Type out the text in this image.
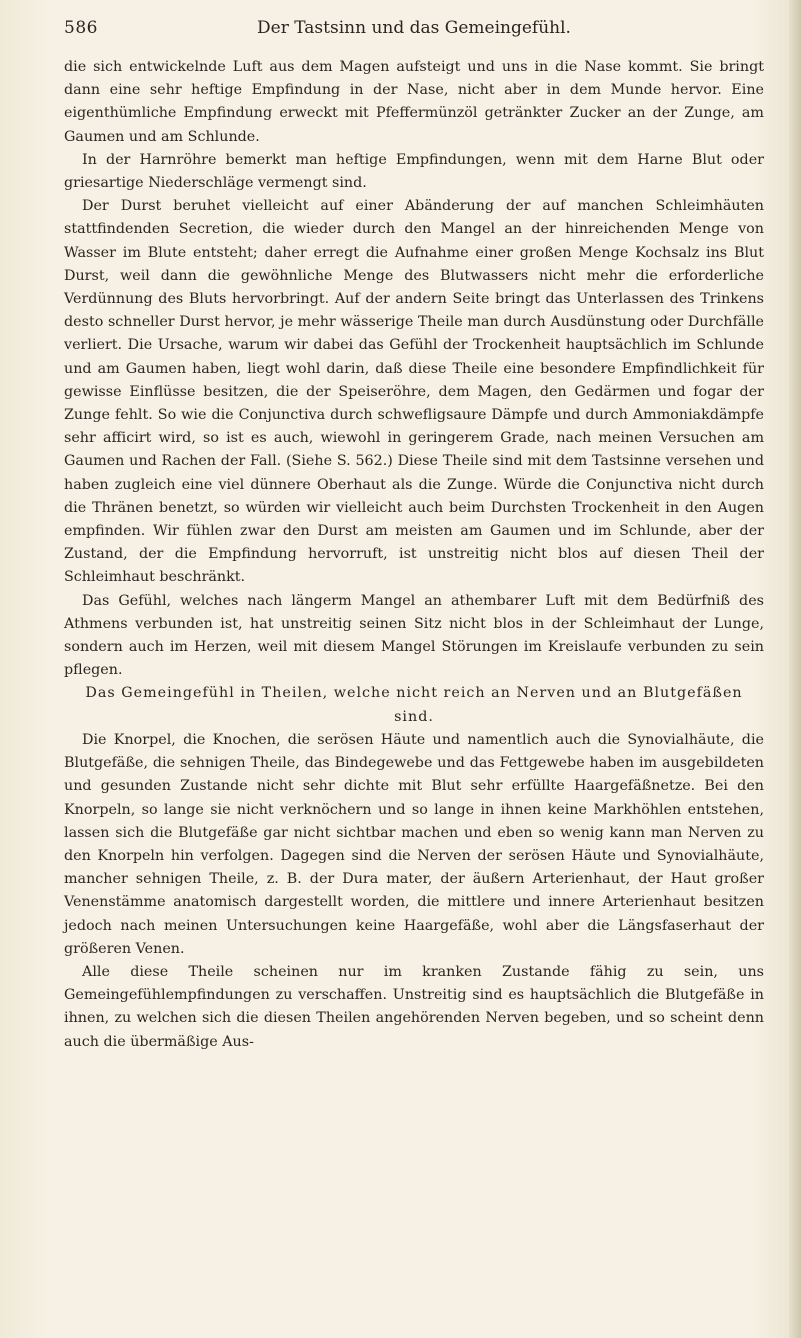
586	Der Tastsinn und das Gemeingefühl.

die sich entwickelnde Luft aus dem Magen aufsteigt und uns in die Nase kommt. Sie bringt dann eine sehr heftige Empfindung in der Nase, nicht aber in dem Munde hervor. Eine eigenthümliche Empfindung erweckt mit Pfeffermünzöl getränkter Zucker an der Zunge, am Gaumen und am Schlunde.

In der Harnröhre bemerkt man heftige Empfindungen, wenn mit dem Harne Blut oder griesartige Niederschläge vermengt sind.

Der Durst beruhet vielleicht auf einer Abänderung der auf manchen Schleimhäuten stattfindenden Secretion, die wieder durch den Mangel an der hinreichenden Menge von Wasser im Blute entsteht; daher erregt die Aufnahme einer großen Menge Kochsalz ins Blut Durst, weil dann die gewöhnliche Menge des Blutwassers nicht mehr die erforderliche Verdünnung des Bluts hervorbringt. Auf der andern Seite bringt das Unterlassen des Trinkens desto schneller Durst hervor, je mehr wässerige Theile man durch Ausdünstung oder Durchfälle verliert. Die Ursache, warum wir dabei das Gefühl der Trockenheit hauptsächlich im Schlunde und am Gaumen haben, liegt wohl darin, daß diese Theile eine besondere Empfindlichkeit für gewisse Einflüsse besitzen, die der Speiseröhre, dem Magen, den Gedärmen und fogar der Zunge fehlt. So wie die Conjunctiva durch schwefligsaure Dämpfe und durch Ammoniakdämpfe sehr afficirt wird, so ist es auch, wiewohl in geringerem Grade, nach meinen Versuchen am Gaumen und Rachen der Fall. (Siehe S. 562.) Diese Theile sind mit dem Tastsinne versehen und haben zugleich eine viel dünnere Oberhaut als die Zunge. Würde die Conjunctiva nicht durch die Thränen benetzt, so würden wir vielleicht auch beim Durchsten Trockenheit in den Augen empfinden. Wir fühlen zwar den Durst am meisten am Gaumen und im Schlunde, aber der Zustand, der die Empfindung hervorruft, ist unstreitig nicht blos auf diesen Theil der Schleimhaut beschränkt.

Das Gefühl, welches nach längerm Mangel an athembarer Luft mit dem Bedürfniß des Athmens verbunden ist, hat unstreitig seinen Sitz nicht blos in der Schleimhaut der Lunge, sondern auch im Herzen, weil mit diesem Mangel Störungen im Kreislaufe verbunden zu sein pflegen.

Das Gemeingefühl in Theilen, welche nicht reich an Nerven und an Blutgefäßen sind.

Die Knorpel, die Knochen, die serösen Häute und namentlich auch die Synovialhäute, die Blutgefäße, die sehnigen Theile, das Bindegewebe und das Fettgewebe haben im ausgebildeten und gesunden Zustande nicht sehr dichte mit Blut sehr erfüllte Haargefäßnetze. Bei den Knorpeln, so lange sie nicht verknöchern und so lange in ihnen keine Markhöhlen entstehen, lassen sich die Blutgefäße gar nicht sichtbar machen und eben so wenig kann man Nerven zu den Knorpeln hin verfolgen. Dagegen sind die Nerven der serösen Häute und Synovialhäute, mancher sehnigen Theile, z. B. der Dura mater, der äußern Arterienhaut, der Haut großer Venenstämme anatomisch dargestellt worden, die mittlere und innere Arterienhaut besitzen jedoch nach meinen Untersuchungen keine Haargefäße, wohl aber die Längsfaserhaut der größeren Venen.

Alle diese Theile scheinen nur im kranken Zustande fähig zu sein, uns Gemeingefühlempfindungen zu verschaffen. Unstreitig sind es hauptsächlich die Blutgefäße in ihnen, zu welchen sich die diesen Theilen angehörenden Nerven begeben, und so scheint denn auch die übermäßige Aus-
